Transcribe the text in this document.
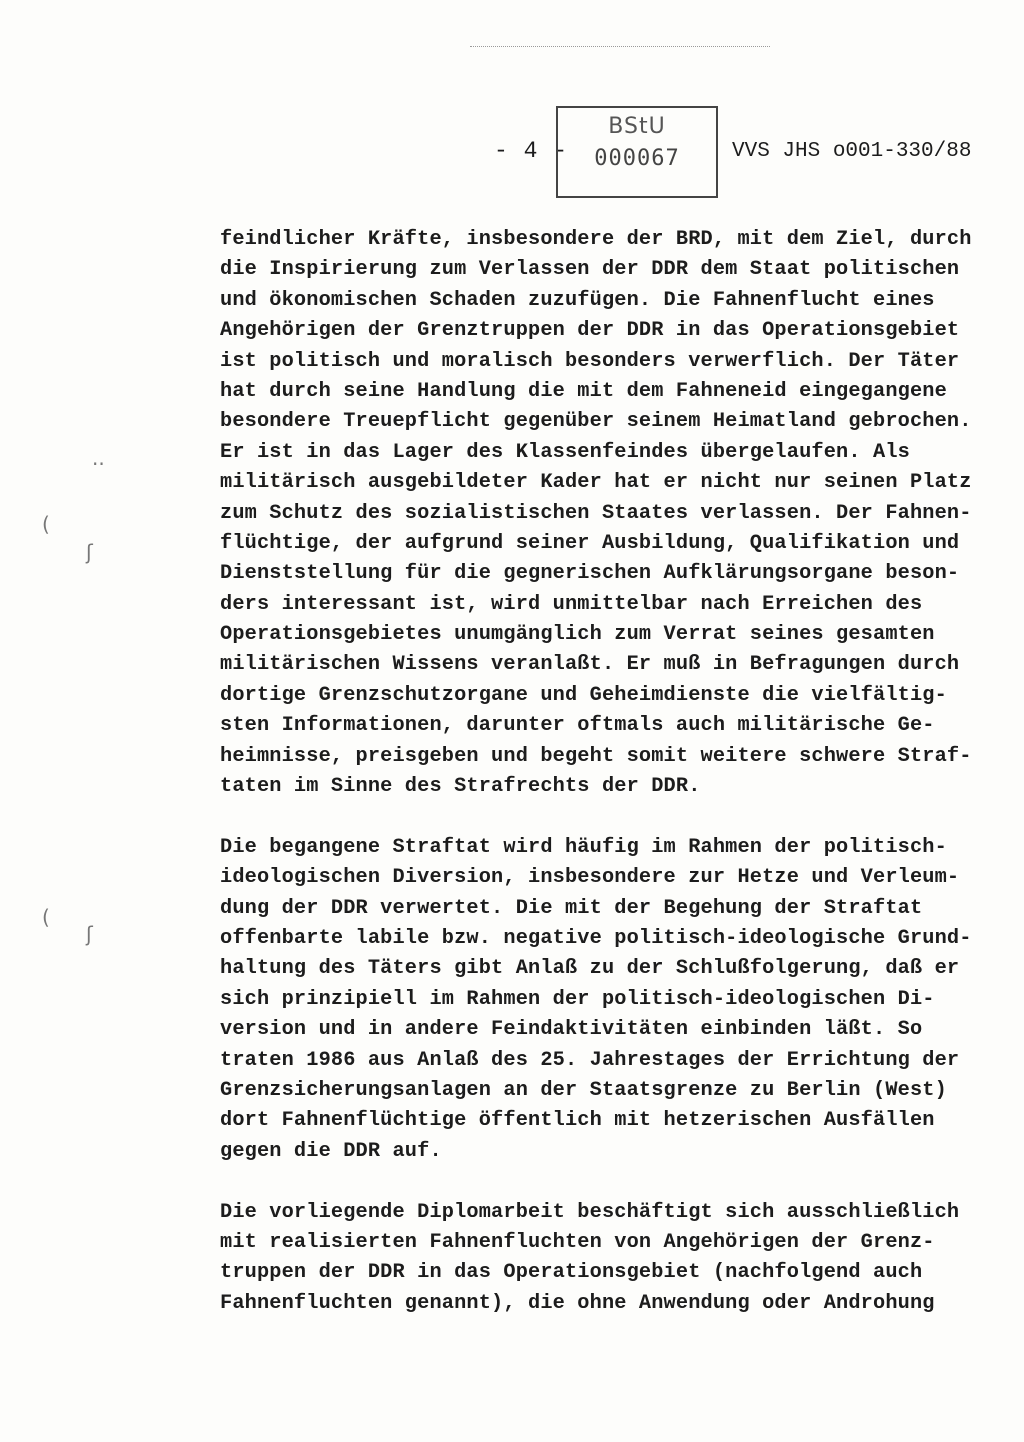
- 4 -
BStU
000067	VVS JHS o001-330/88
··
(
ʃ
(
ʃ
feindlicher Kräfte, insbesondere der BRD, mit dem Ziel, durch
die Inspirierung zum Verlassen der DDR dem Staat politischen
und ökonomischen Schaden zuzufügen. Die Fahnenflucht eines
Angehörigen der Grenztruppen der DDR in das Operationsgebiet
ist politisch und moralisch besonders verwerflich. Der Täter
hat durch seine Handlung die mit dem Fahneneid eingegangene
besondere Treuepflicht gegenüber seinem Heimatland gebrochen.
Er ist in das Lager des Klassenfeindes übergelaufen. Als
militärisch ausgebildeter Kader hat er nicht nur seinen Platz
zum Schutz des sozialistischen Staates verlassen. Der Fahnen-
flüchtige, der aufgrund seiner Ausbildung, Qualifikation und
Dienststellung für die gegnerischen Aufklärungsorgane beson-
ders interessant ist, wird unmittelbar nach Erreichen des
Operationsgebietes unumgänglich zum Verrat seines gesamten
militärischen Wissens veranlaßt. Er muß in Befragungen durch
dortige Grenzschutzorgane und Geheimdienste die vielfältig-
sten Informationen, darunter oftmals auch militärische Ge-
heimnisse, preisgeben und begeht somit weitere schwere Straf-
taten im Sinne des Strafrechts der DDR.
Die begangene Straftat wird häufig im Rahmen der politisch-
ideologischen Diversion, insbesondere zur Hetze und Verleum-
dung der DDR verwertet. Die mit der Begehung der Straftat
offenbarte labile bzw. negative politisch-ideologische Grund-
haltung des Täters gibt Anlaß zu der Schlußfolgerung, daß er
sich prinzipiell im Rahmen der politisch-ideologischen Di-
version und in andere Feindaktivitäten einbinden läßt. So
traten 1986 aus Anlaß des 25. Jahrestages der Errichtung der
Grenzsicherungsanlagen an der Staatsgrenze zu Berlin (West)
dort Fahnenflüchtige öffentlich mit hetzerischen Ausfällen
gegen die DDR auf.
Die vorliegende Diplomarbeit beschäftigt sich ausschließlich
mit realisierten Fahnenfluchten von Angehörigen der Grenz-
truppen der DDR in das Operationsgebiet (nachfolgend auch
Fahnenfluchten genannt), die ohne Anwendung oder Androhung
